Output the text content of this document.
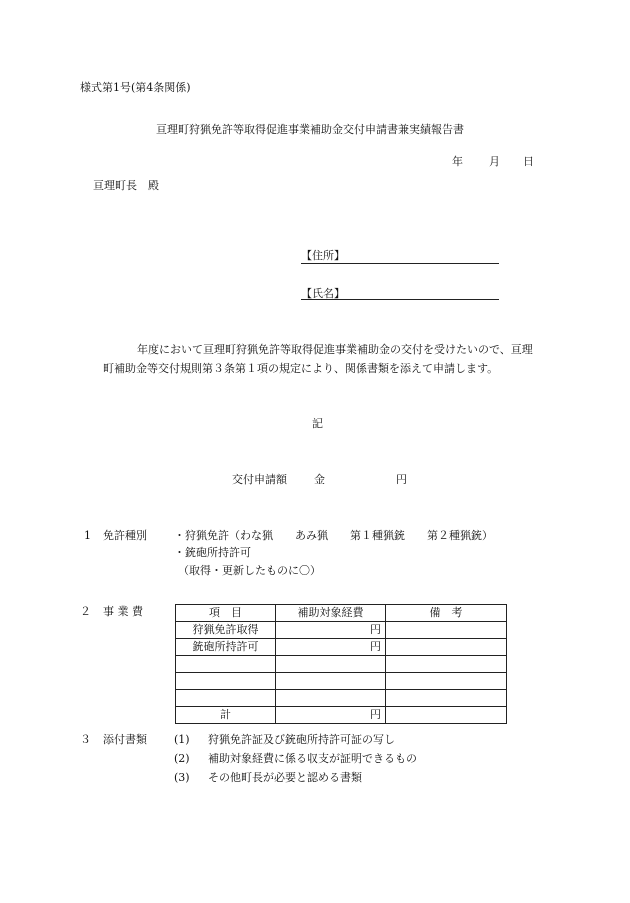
様式第1号(第4条関係)
亘理町狩猟免許等取得促進事業補助金交付申請書兼実績報告書
年 月 日
亘理町長　殿
【住所】
【氏名】
年度において亘理町狩猟免許等取得促進事業補助金の交付を受けたいので、亘理
町補助金等交付規則第３条第１項の規定により、関係書類を添えて申請します。
記
交付申請額 金	円
1 免許種別 ・狩猟免許（わな猟　　あみ猟　　第１種猟銃　　第２種猟銃）
・銃砲所持許可
（取得・更新したものに〇）
２ 事 業 費	項　目	補助対象経費	備　考
狩猟免許取得	円	
銃砲所持許可	円	

計	円	
３ 添付書類 (1) 狩猟免許証及び銃砲所持許可証の写し
(2) 補助対象経費に係る収支が証明できるもの
(3) その他町長が必要と認める書類
